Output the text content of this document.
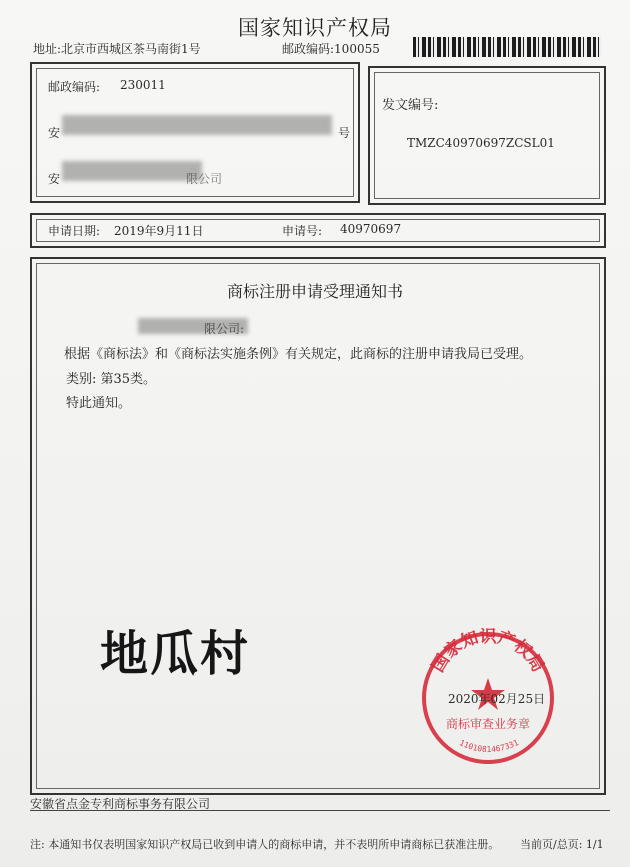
国家知识产权局
地址:北京市西城区茶马南街1号	邮政编码:100055
邮政编码: 230011
安	号
安	限公司
发文编号:
TMZC40970697ZCSL01
申请日期: 2019年9月11日	申请号: 40970697
商标注册申请受理通知书
限公司:
根据《商标法》和《商标法实施条例》有关规定，此商标的注册申请我局已受理。
类别: 第35类。
特此通知。
地瓜村	国家知识产权局
商标审查业务章
1101081467331
2020年02月25日
安徽省点金专利商标事务有限公司
注: 本通知书仅表明国家知识产权局已收到申请人的商标申请，并不表明所申请商标已获准注册。 当前页/总页: 1/1
